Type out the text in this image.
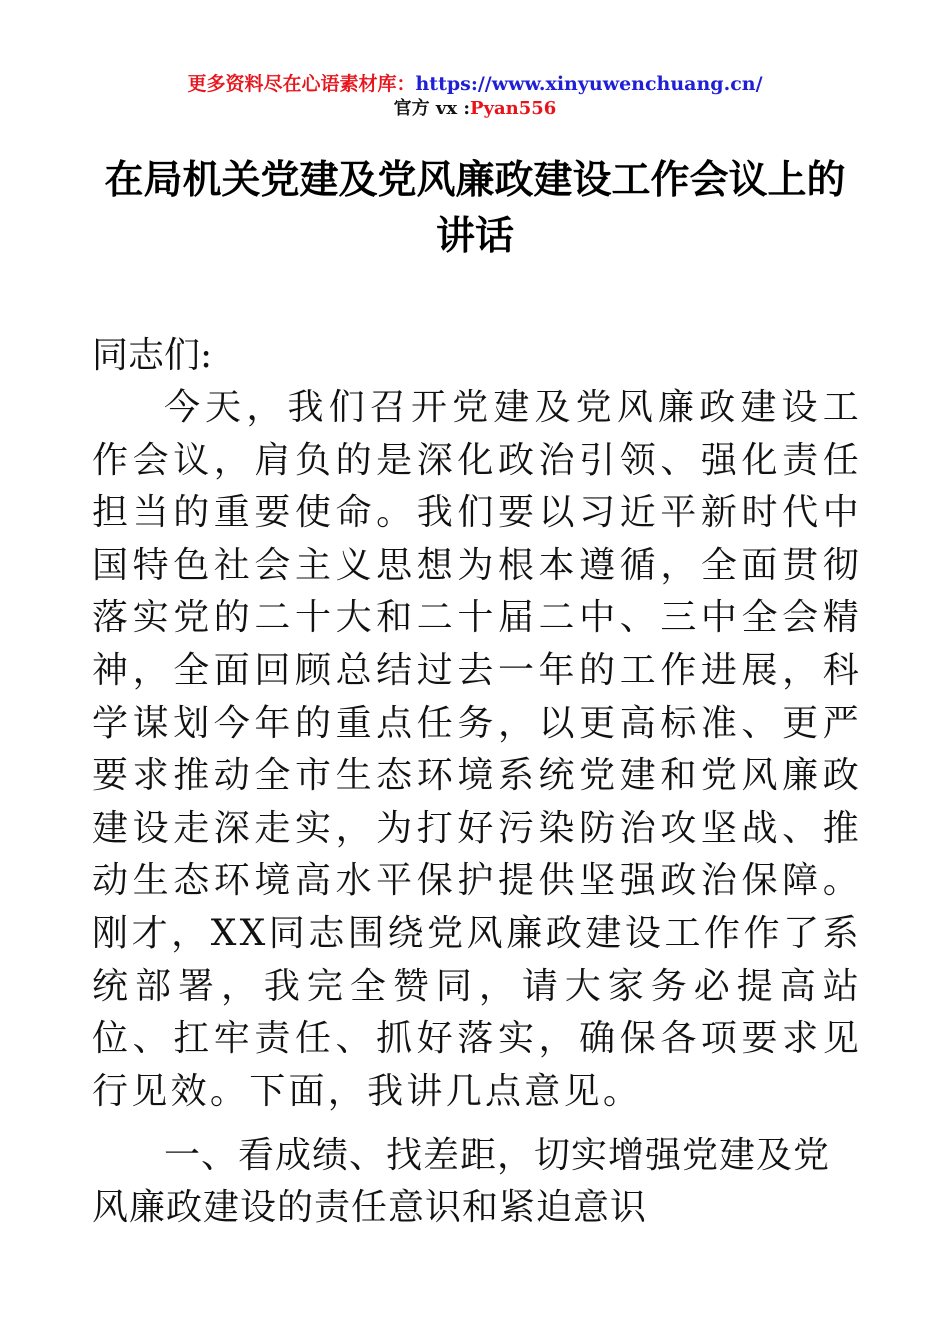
更多资料尽在心语素材库：https://www.xinyuwenchuang.cn/
官方 vx :Pyan556
在局机关党建及党风廉政建设工作会议上的讲话

同志们:

今天，我们召开党建及党风廉政建设工作会议，肩负的是深化政治引领、强化责任担当的重要使命。我们要以习近平新时代中国特色社会主义思想为根本遵循，全面贯彻落实党的二十大和二十届二中、三中全会精神，全面回顾总结过去一年的工作进展，科学谋划今年的重点任务，以更高标准、更严要求推动全市生态环境系统党建和党风廉政建设走深走实，为打好污染防治攻坚战、推动生态环境高水平保护提供坚强政治保障。刚才，XX同志围绕党风廉政建设工作作了系统部署，我完全赞同，请大家务必提高站位、扛牢责任、抓好落实，确保各项要求见行见效。下面，我讲几点意见。

一、看成绩、找差距，切实增强党建及党风廉政建设的责任意识和紧迫意识
